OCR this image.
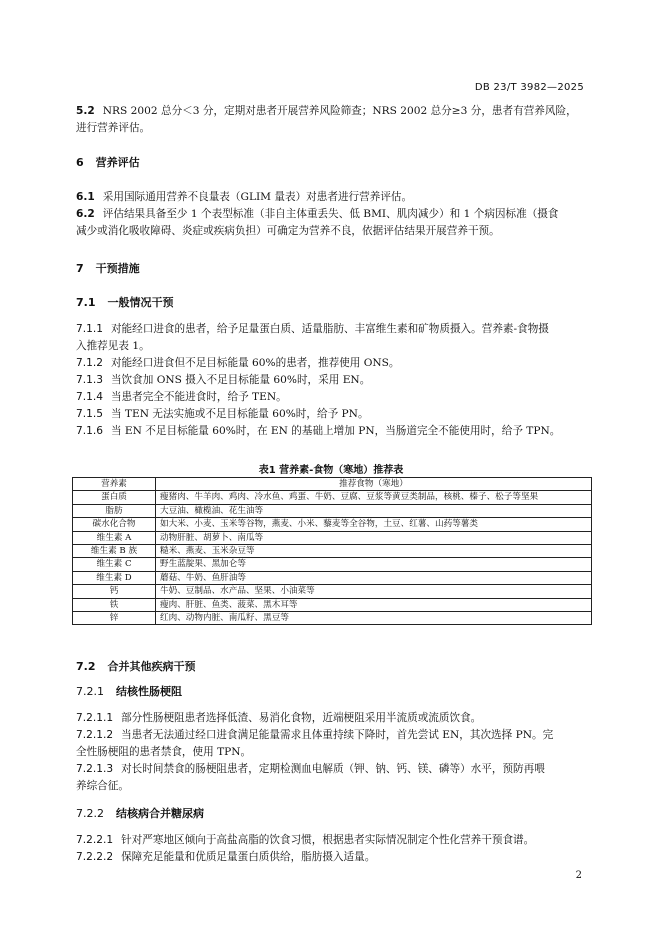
DB 23/T 3982—2025
5.2 NRS 2002 总分＜3 分，定期对患者开展营养风险筛查；NRS 2002 总分≥3 分，患者有营养风险，
进行营养评估。
6 营养评估
6.1 采用国际通用营养不良量表（GLIM 量表）对患者进行营养评估。
6.2 评估结果具备至少 1 个表型标准（非自主体重丢失、低 BMI、肌肉减少）和 1 个病因标准（摄食
减少或消化吸收障碍、炎症或疾病负担）可确定为营养不良，依据评估结果开展营养干预。
7 干预措施
7.1 一般情况干预
7.1.1 对能经口进食的患者，给予足量蛋白质、适量脂肪、丰富维生素和矿物质摄入。营养素-食物摄
入推荐见表 1。
7.1.2 对能经口进食但不足目标能量 60%的患者，推荐使用 ONS。
7.1.3 当饮食加 ONS 摄入不足目标能量 60%时，采用 EN。
7.1.4 当患者完全不能进食时，给予 TEN。
7.1.5 当 TEN 无法实施或不足目标能量 60%时，给予 PN。
7.1.6 当 EN 不足目标能量 60%时，在 EN 的基础上增加 PN，当肠道完全不能使用时，给予 TPN。
表1 营养素-食物（寒地）推荐表
营养素	推荐食物（寒地）
蛋白质	瘦猪肉、牛羊肉、鸡肉、冷水鱼、鸡蛋、牛奶、豆腐、豆浆等黄豆类制品，核桃、榛子、松子等坚果
脂肪	大豆油、橄榄油、花生油等
碳水化合物	如大米、小麦、玉米等谷物，燕麦、小米、藜麦等全谷物，土豆、红薯、山药等薯类
维生素 A	动物肝脏、胡萝卜、南瓜等
维生素 B 族	糙米、燕麦、玉米杂豆等
维生素 C	野生蓝靛果、黑加仑等
维生素 D	蘑菇、牛奶、鱼肝油等
钙	牛奶、豆制品、水产品、坚果、小油菜等
铁	瘦肉、肝脏、鱼类、菠菜、黑木耳等
锌	红肉、动物内脏、南瓜籽、黑豆等
7.2 合并其他疾病干预
7.2.1 结核性肠梗阻
7.2.1.1 部分性肠梗阻患者选择低渣、易消化食物，近端梗阻采用半流质或流质饮食。
7.2.1.2 当患者无法通过经口进食满足能量需求且体重持续下降时，首先尝试 EN，其次选择 PN。完
全性肠梗阻的患者禁食，使用 TPN。
7.2.1.3 对长时间禁食的肠梗阻患者，定期检测血电解质（钾、钠、钙、镁、磷等）水平，预防再喂
养综合征。
7.2.2 结核病合并糖尿病
7.2.2.1 针对严寒地区倾向于高盐高脂的饮食习惯，根据患者实际情况制定个性化营养干预食谱。
7.2.2.2 保障充足能量和优质足量蛋白质供给，脂肪摄入适量。
2
